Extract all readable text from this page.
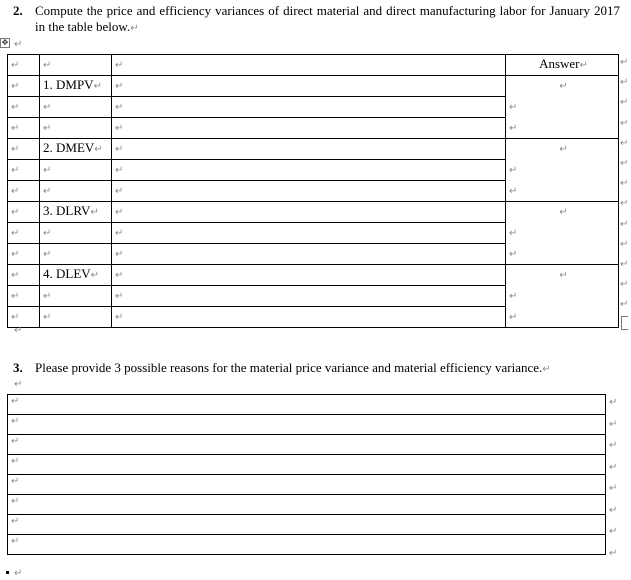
✥
2. Compute the price and efficiency variances of direct material and direct manufacturing labor for January 2017 in the table below.↵
↵
↵	↵	↵	Answer↵
↵	1. DMPV↵	↵	↵
↵	↵	↵	↵
↵	↵	↵	↵
↵	2. DMEV↵	↵	↵
↵	↵	↵	↵
↵	↵	↵	↵
↵	3. DLRV↵	↵	↵
↵	↵	↵	↵
↵	↵	↵	↵
↵	4. DLEV↵	↵	↵
↵	↵	↵	↵
↵	↵	↵	↵
↵
3. Please provide 3 possible reasons for the material price variance and material efficiency variance.↵
↵
↵
↵
↵
↵
↵
↵
↵
↵
↵
↵
↵
↵
↵
↵
↵
↵
↵
↵
↵
↵
↵
↵
↵
↵
↵
↵
↵
↵
↵
↵
